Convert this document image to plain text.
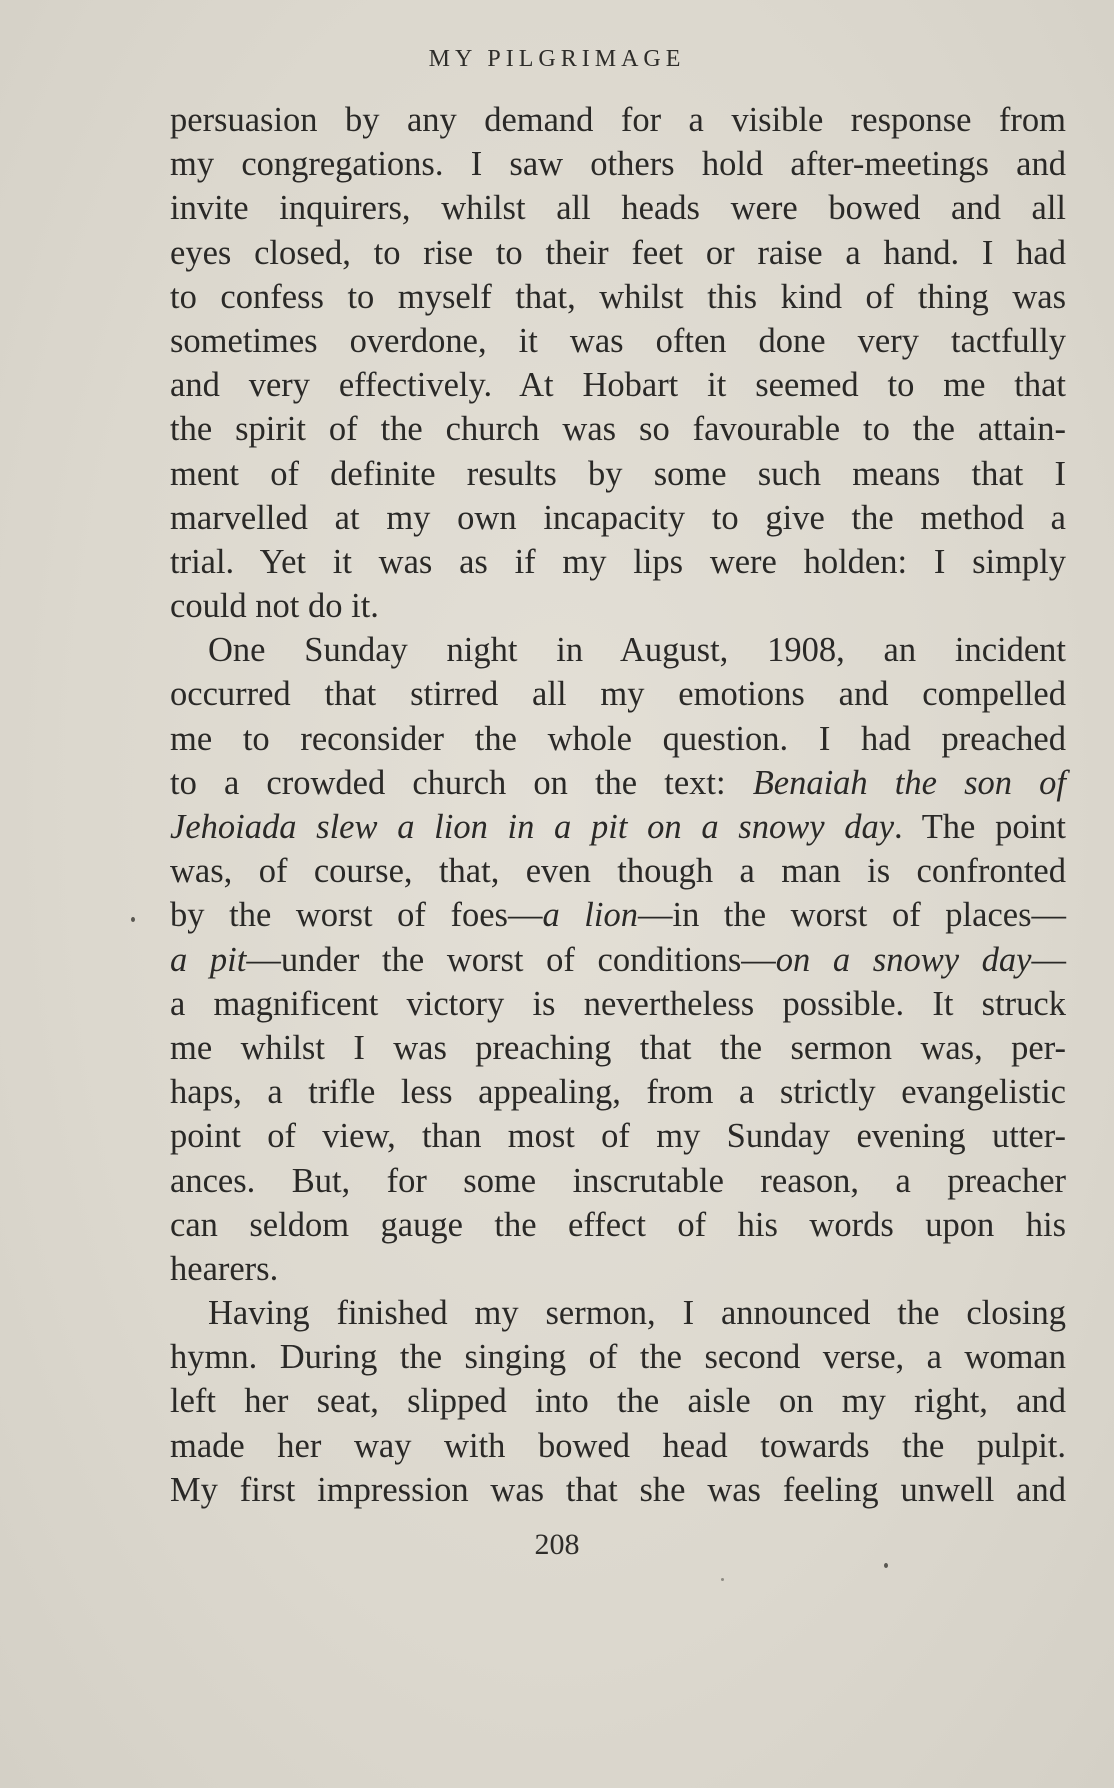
MY PILGRIMAGE
persuasion by any demand for a visible response from
my congregations. I saw others hold after-meetings and
invite inquirers, whilst all heads were bowed and all
eyes closed, to rise to their feet or raise a hand. I had
to confess to myself that, whilst this kind of thing was
sometimes overdone, it was often done very tactfully
and very effectively. At Hobart it seemed to me that
the spirit of the church was so favourable to the attain-
ment of definite results by some such means that I
marvelled at my own incapacity to give the method a
trial. Yet it was as if my lips were holden: I simply
could not do it.
One Sunday night in August, 1908, an incident
occurred that stirred all my emotions and compelled
me to reconsider the whole question. I had preached
to a crowded church on the text: Benaiah the son of
Jehoiada slew a lion in a pit on a snowy day. The point
was, of course, that, even though a man is confronted
by the worst of foes—a lion—in the worst of places—
a pit—under the worst of conditions—on a snowy day—
a magnificent victory is nevertheless possible. It struck
me whilst I was preaching that the sermon was, per-
haps, a trifle less appealing, from a strictly evangelistic
point of view, than most of my Sunday evening utter-
ances. But, for some inscrutable reason, a preacher
can seldom gauge the effect of his words upon his
hearers.
Having finished my sermon, I announced the closing
hymn. During the singing of the second verse, a woman
left her seat, slipped into the aisle on my right, and
made her way with bowed head towards the pulpit.
My first impression was that she was feeling unwell and
208
